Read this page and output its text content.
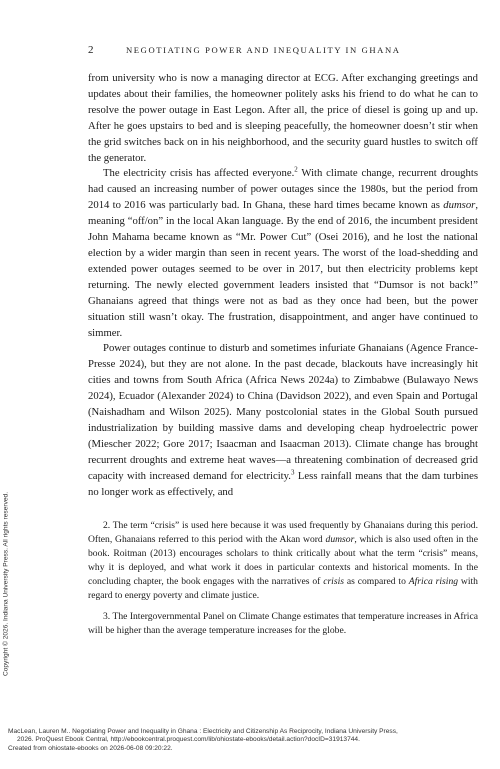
2	NEGOTIATING POWER AND INEQUALITY IN GHANA

from university who is now a managing director at ECG. After exchanging greetings and updates about their families, the homeowner politely asks his friend to do what he can to resolve the power outage in East Legon. After all, the price of diesel is going up and up. After he goes upstairs to bed and is sleeping peacefully, the homeowner doesn’t stir when the grid switches back on in his neighborhood, and the security guard hustles to switch off the generator.

The electricity crisis has affected everyone.$^2$ With climate change, recurrent droughts had caused an increasing number of power outages since the 1980s, but the period from 2014 to 2016 was particularly bad. In Ghana, these hard times became known as dumsor, meaning “off/on” in the local Akan language. By the end of 2016, the incumbent president John Mahama became known as “Mr. Power Cut” (Osei 2016), and he lost the national election by a wider margin than seen in recent years. The worst of the load-shedding and extended power outages seemed to be over in 2017, but then electricity problems kept returning. The newly elected government leaders insisted that “Dumsor is not back!” Ghanaians agreed that things were not as bad as they once had been, but the power situation still wasn’t okay. The frustration, disappointment, and anger have continued to simmer.

Power outages continue to disturb and sometimes infuriate Ghanaians (Agence France-Presse 2024), but they are not alone. In the past decade, blackouts have increasingly hit cities and towns from South Africa (Africa News 2024a) to Zimbabwe (Bulawayo News 2024), Ecuador (Alexander 2024) to China (Davidson 2022), and even Spain and Portugal (Naishadham and Wilson 2025). Many postcolonial states in the Global South pursued industrialization by building massive dams and developing cheap hydroelectric power (Miescher 2022; Gore 2017; Isaacman and Isaacman 2013). Climate change has brought recurrent droughts and extreme heat waves—a threatening combination of decreased grid capacity with increased demand for electricity.$^3$ Less rainfall means that the dam turbines no longer work as effectively, and

2. The term “crisis” is used here because it was used frequently by Ghanaians during this period. Often, Ghanaians referred to this period with the Akan word dumsor, which is also used often in the book. Roitman (2013) encourages scholars to think critically about what the term “crisis” means, why it is deployed, and what work it does in particular contexts and historical moments. In the concluding chapter, the book engages with the narratives of crisis as compared to Africa rising with regard to energy poverty and climate justice.

3. The Intergovernmental Panel on Climate Change estimates that temperature increases in Africa will be higher than the average temperature increases for the globe.

Copyright © 2026. Indiana University Press. All rights reserved.
MacLean, Lauren M.. Negotiating Power and Inequality in Ghana : Electricity and Citizenship As Reciprocity, Indiana University Press,
2026. ProQuest Ebook Central, http://ebookcentral.proquest.com/lib/ohiostate-ebooks/detail.action?docID=31913744.
Created from ohiostate-ebooks on 2026-06-08 09:20:22.
